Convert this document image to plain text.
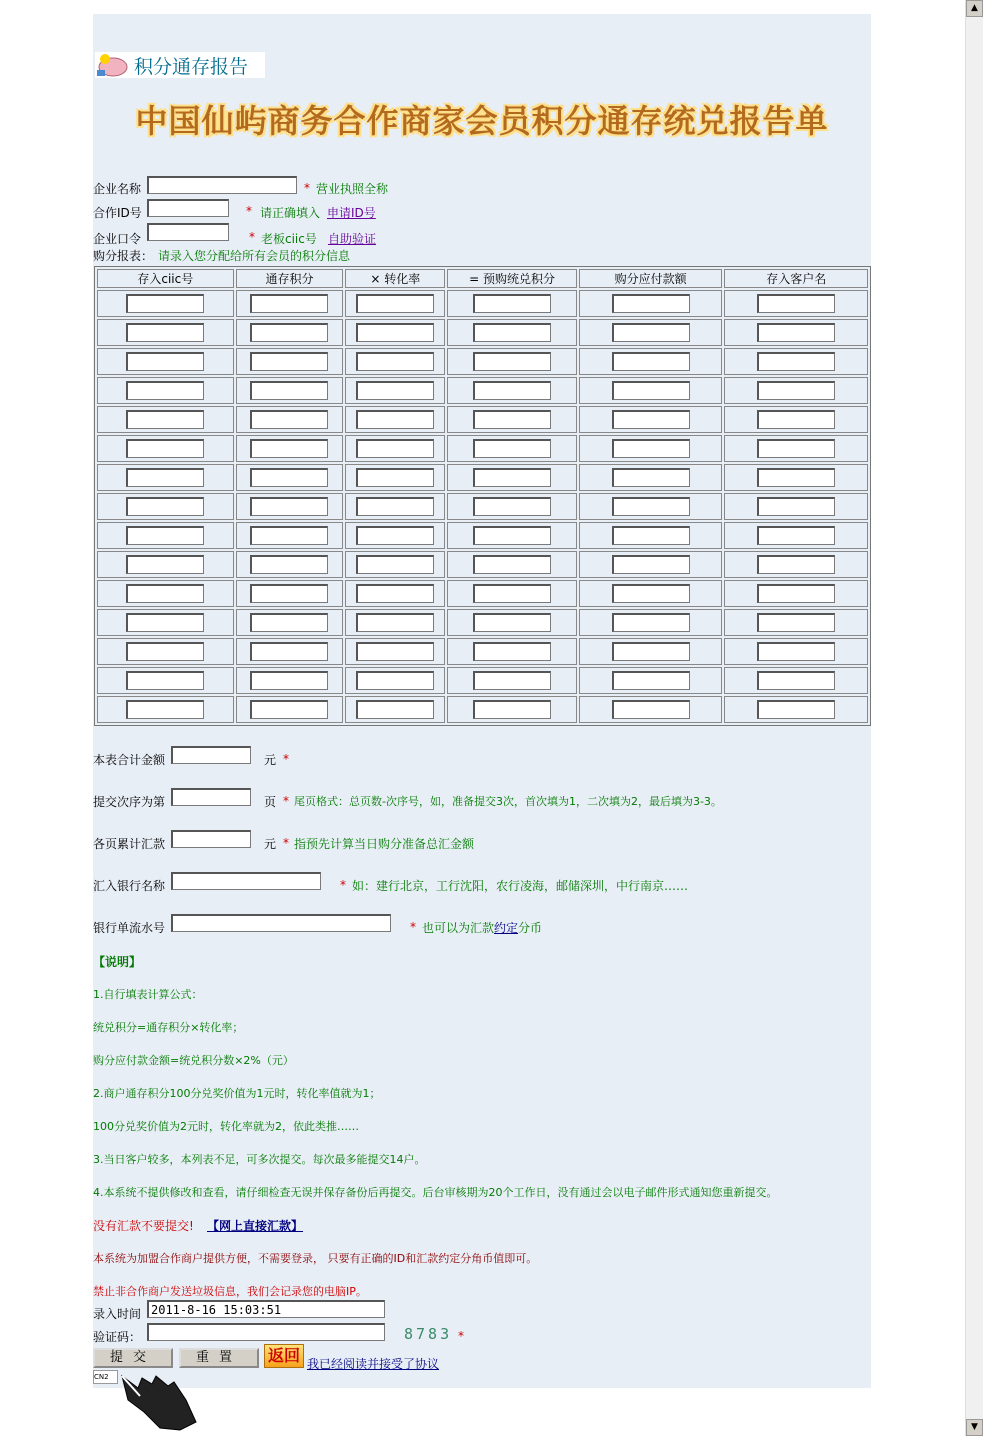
积分通存报告
中国仙屿商务合作商家会员积分通存统兑报告单
企业名称	* 营业执照全称
合作ID号	* 请正确填入 申请ID号
企业口令	* 老板ciic号 自助验证
购分报表： 请录入您分配给所有会员的积分信息
存入ciic号	通存积分	× 转化率	= 预购统兑积分	购分应付款额	存入客户名

本表合计金额	元 *
提交次序为第	页 * 尾页格式：总页数-次序号，如，准备提交3次，首次填为1，二次填为2，最后填为3-3。
各页累计汇款	元 * 指预先计算当日购分准备总汇金额
汇入银行名称	* 如：建行北京，工行沈阳，农行凌海，邮储深圳，中行南京……
银行单流水号	* 也可以为汇款约定分币
【说明】
1.自行填表计算公式：
统兑积分=通存积分×转化率；
购分应付款金额=统兑积分数×2%（元）
2.商户通存积分100分兑奖价值为1元时，转化率值就为1；
100分兑奖价值为2元时，转化率就为2，依此类推……
3.当日客户较多，本列表不足，可多次提交。每次最多能提交14户。
4.本系统不提供修改和查看，请仔细检查无误并保存备份后再提交。后台审核期为20个工作日，没有通过会以电子邮件形式通知您重新提交。
没有汇款不要提交! 【网上直接汇款】
本系统为加盟合作商户提供方便，不需要登录， 只要有正确的ID和汇款约定分角币值即可。
禁止非合作商户发送垃圾信息，我们会记录您的电脑IP。
录入时间
2011-8-16 15:03:51
验证码：	8783 *
提交	重置	返回 我已经阅读并接受了协议
CN2
▲
▼
